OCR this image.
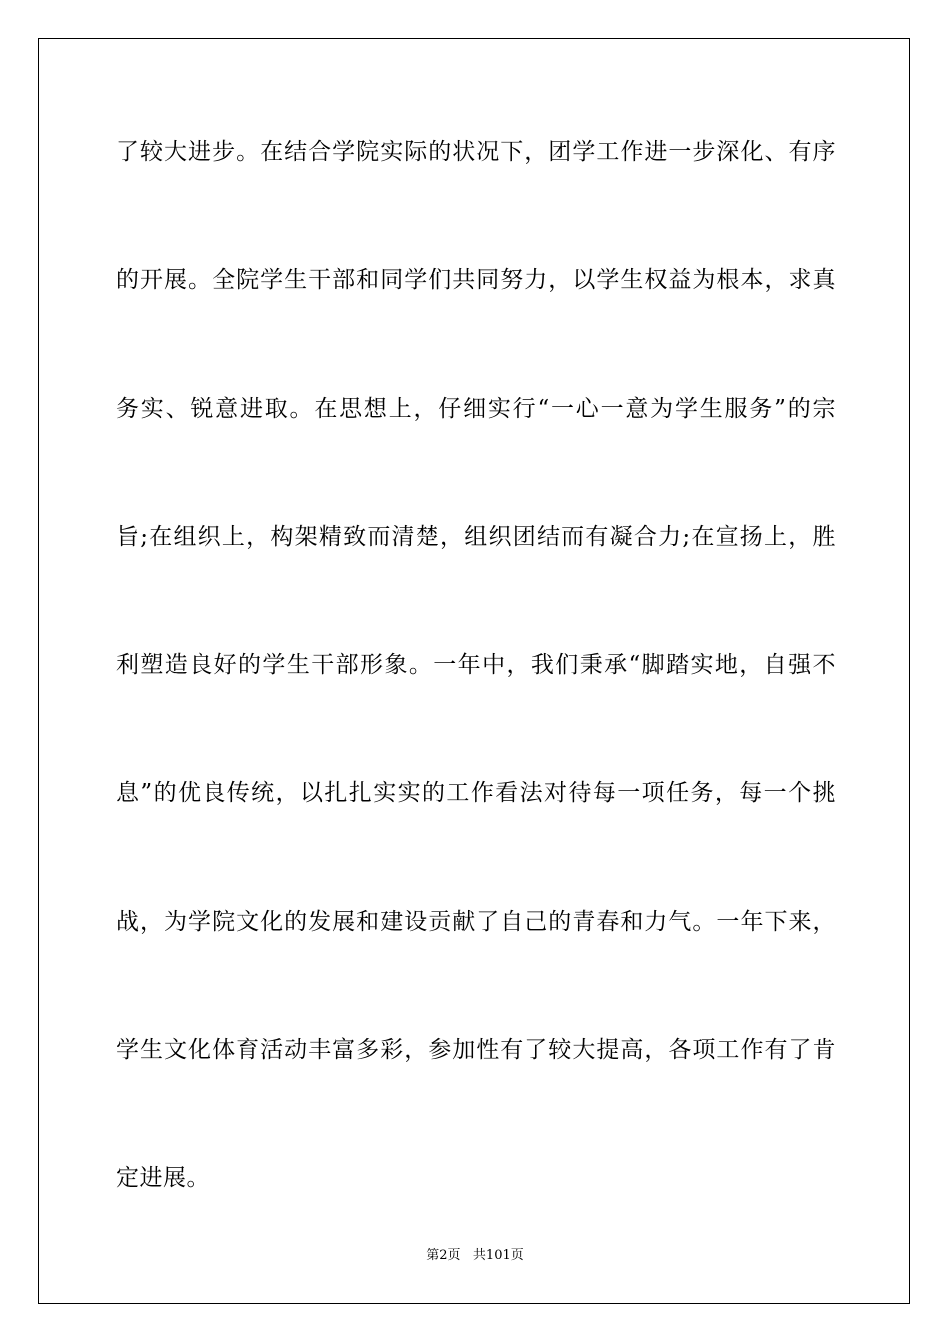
了较大进步。在结合学院实际的状况下，团学工作进一步深化、有序
的开展。全院学生干部和同学们共同努力，以学生权益为根本，求真
务实、锐意进取。在思想上，仔细实行“一心一意为学生服务”的宗
旨;在组织上，构架精致而清楚，组织团结而有凝合力;在宣扬上，胜
利塑造良好的学生干部形象。一年中，我们秉承“脚踏实地，自强不
息”的优良传统，以扎扎实实的工作看法对待每一项任务，每一个挑
战，为学院文化的发展和建设贡献了自己的青春和力气。一年下来，
学生文化体育活动丰富多彩，参加性有了较大提高，各项工作有了肯
定进展。
第2页 共101页
